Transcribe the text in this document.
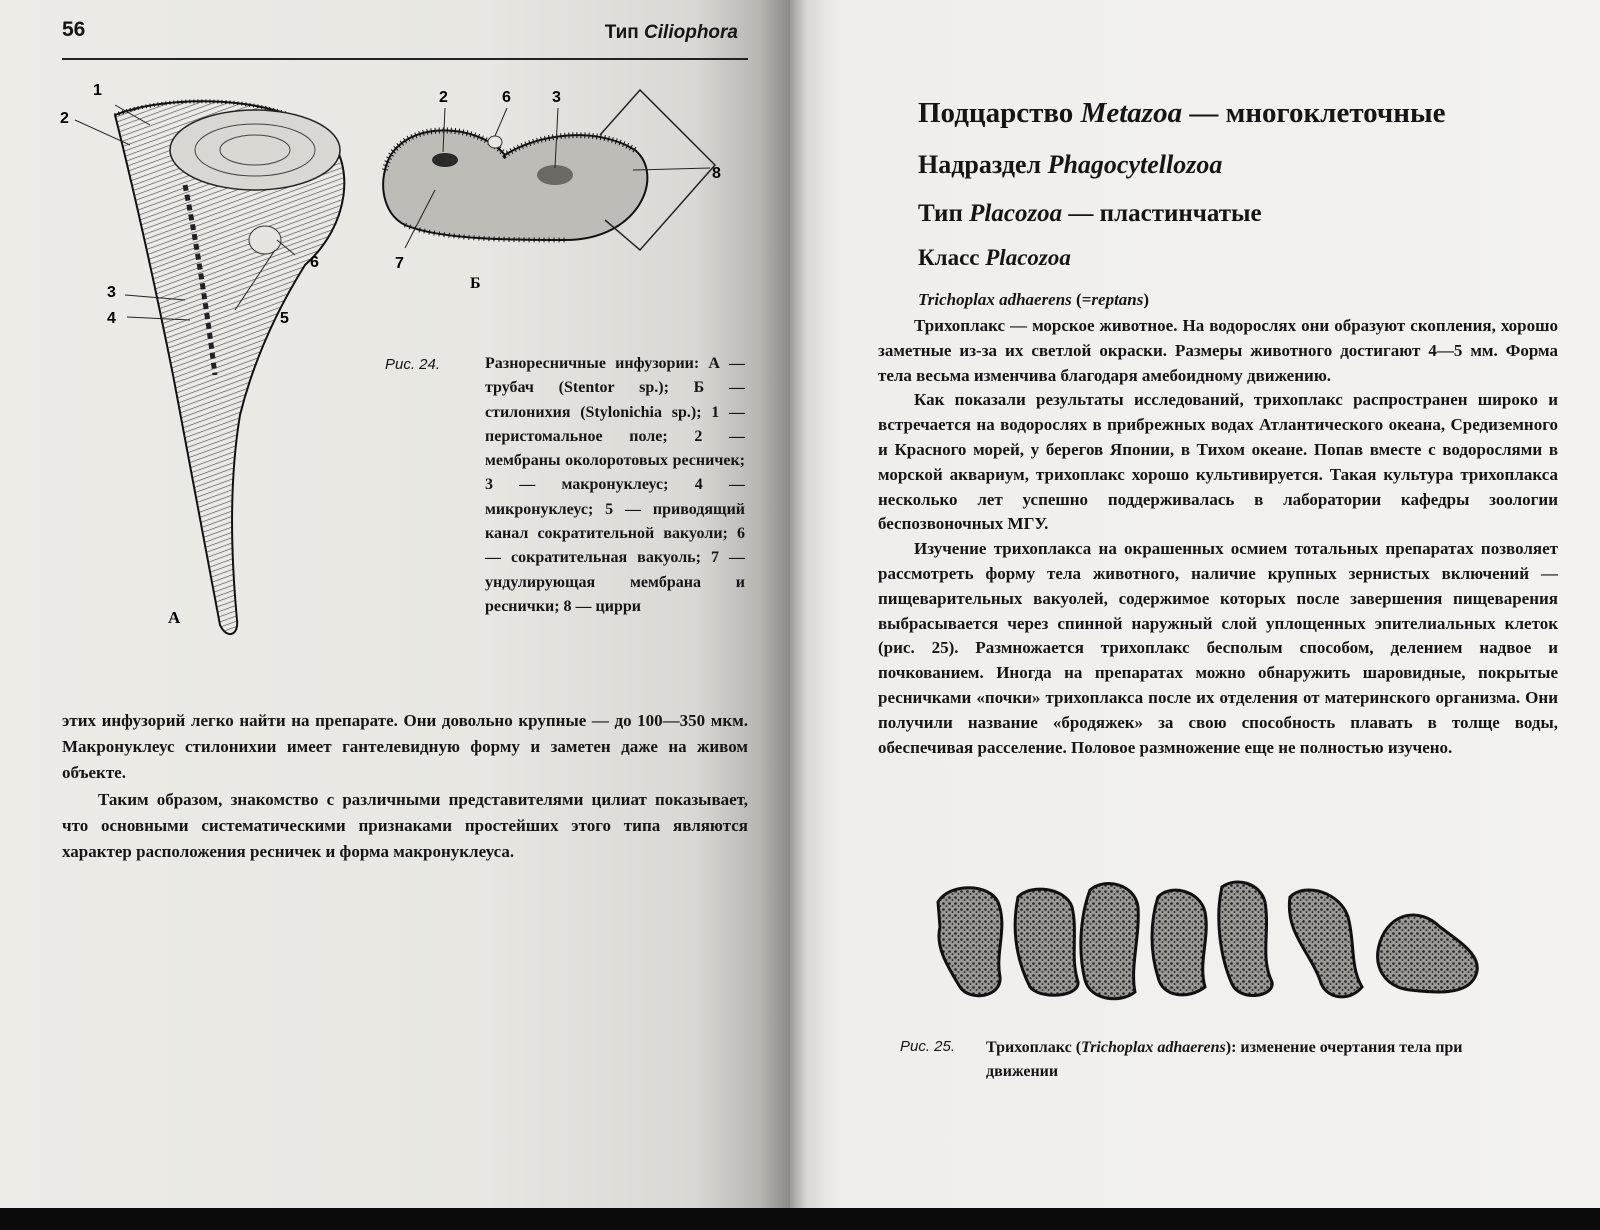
56	Тип Ciliophora
1
2
3
4	5
6
А
2	6	3
7
8
Б
Рис. 24.	Разноресничные инфузории: А — трубач (Stentor sp.); Б — стилонихия (Stylonichia sp.); 1 — перистомальное поле; 2 — мембраны околоротовых ресничек; 3 — макронуклеус; 4 — микронуклеус; 5 — приводящий канал сократительной вакуоли; 6 — сократительная вакуоль; 7 — ундулирующая мембрана и реснички; 8 — цирри

этих инфузорий легко найти на препарате. Они довольно крупные — до 100—350 мкм. Макронуклеус стилонихии имеет гантелевидную форму и заметен даже на живом объекте.

Таким образом, знакомство с различными представителями цилиат показывает, что основными систематическими признаками простейших этого типа являются характер расположения ресничек и форма макронуклеуса.

Подцарство Metazoa — многоклеточные
Надраздел Phagocytellozoa
Тип Placozoa — пластинчатые
Класс Placozoa
Trichoplax adhaerens (=reptans)

Трихоплакс — морское животное. На водорослях они образуют скопления, хорошо заметные из-за их светлой окраски. Размеры животного достигают 4—5 мм. Форма тела весьма изменчива благодаря амебоидному движению.

Как показали результаты исследований, трихоплакс распространен широко и встречается на водорослях в прибрежных водах Атлантического океана, Средиземного и Красного морей, у берегов Японии, в Тихом океане. Попав вместе с водорослями в морской аквариум, трихоплакс хорошо культивируется. Такая культура трихоплакса несколько лет успешно поддерживалась в лаборатории кафедры зоологии беспозвоночных МГУ.

Изучение трихоплакса на окрашенных осмием тотальных препаратах позволяет рассмотреть форму тела животного, наличие крупных зернистых включений — пищеварительных вакуолей, содержимое которых после завершения пищеварения выбрасывается через спинной наружный слой уплощенных эпителиальных клеток (рис. 25). Размножается трихоплакс бесполым способом, делением надвое и почкованием. Иногда на препаратах можно обнаружить шаровидные, покрытые ресничками «почки» трихоплакса после их отделения от материнского организма. Они получили название «бродяжек» за свою способность плавать в толще воды, обеспечивая расселение. Половое размножение еще не полностью изучено.

Рис. 25. Трихоплакс (Trichoplax adhaerens): изменение очертания тела при движении
